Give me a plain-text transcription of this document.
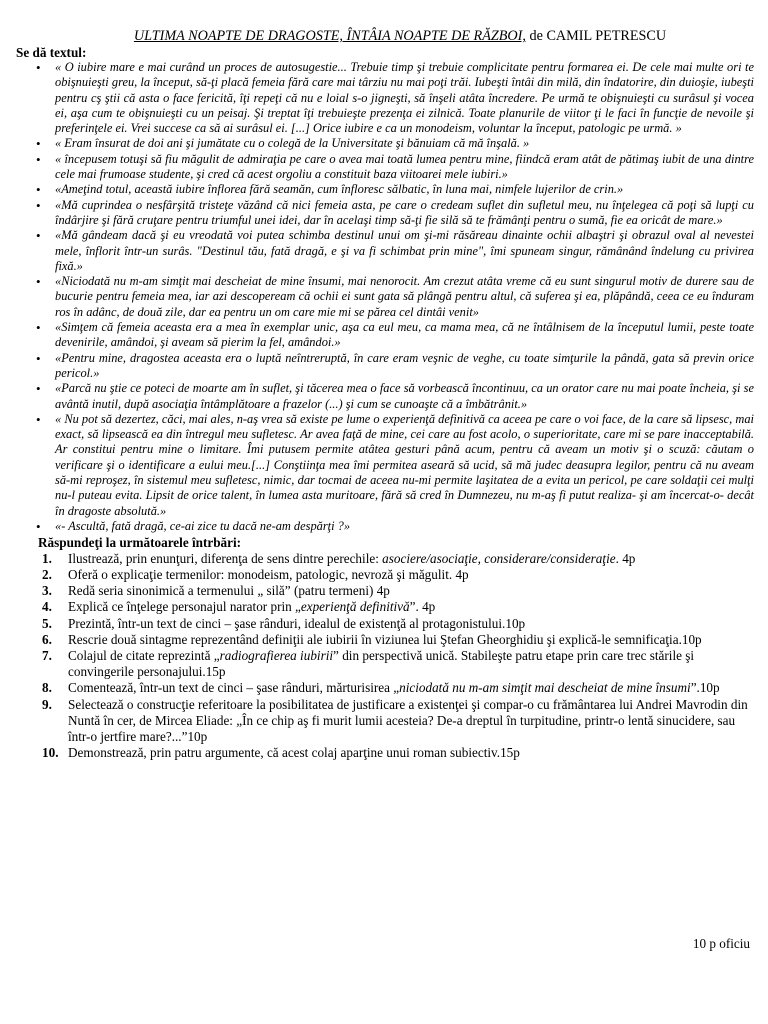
ULTIMA NOAPTE DE DRAGOSTE, ÎNTÂIA NOAPTE DE RĂZBOI, de CAMIL PETRESCU
Se dă textul:
• « O iubire mare e mai curând un proces de autosugestie... Trebuie timp şi trebuie complicitate pentru formarea ei. De cele mai multe ori te obişnuieşti greu, la început, să-ţi placă femeia fără care mai târziu nu mai poţi trăi. Iubeşti întâi din milă, din îndatorire, din duioşie, iubeşti pentru cş ştii că asta o face fericită, îţi repeţi că nu e loial s-o jigneşti, să înşeli atâta încredere. Pe urmă te obişnuieşti cu surâsul şi vocea ei, aşa cum te obişnuieşti cu un peisaj. Şi treptat îţi trebuieşte prezenţa ei zilnică. Toate planurile de viitor ţi le faci în funcţie de nevoile şi preferinţele ei. Vrei succese ca să ai surâsul ei. [...] Orice iubire e ca un monodeism, voluntar la început, patologic pe urmă. »
• « Eram însurat de doi ani şi jumătate cu o colegă de la Universitate şi bănuiam că mă înşală. »
• « începusem totuşi să fiu măgulit de admiraţia pe care o avea mai toată lumea pentru mine, fiindcă eram atât de pătimaş iubit de una dintre cele mai frumoase studente, şi cred că acest orgoliu a constituit baza viitoarei mele iubiri.»
• «Ameţind totul, această iubire înflorea fără seamăn, cum înfloresc sălbatic, în luna mai, nimfele lujerilor de crin.»
• «Mă cuprindea o nesfârşită tristeţe văzând că nici femeia asta, pe care o credeam suflet din sufletul meu, nu înţelegea că poţi să lupţi cu îndârjire şi fără cruţare pentru triumful unei idei, dar în acelaşi timp să-ţi fie silă să te frămânţi pentru o sumă, fie ea oricât de mare.»
• «Mă gândeam dacă şi eu vreodată voi putea schimba destinul unui om şi-mi răsăreau dinainte ochii albaştri şi obrazul oval al nevestei mele, înflorit într-un surâs. "Destinul tău, fată dragă, e şi va fi schimbat prin mine", îmi spuneam singur, rămânând îndelung cu privirea fixă.»
• «Niciodată nu m-am simţit mai descheiat de mine însumi, mai nenorocit. Am crezut atâta vreme că eu sunt singurul motiv de durere sau de bucurie pentru femeia mea, iar azi descopeream că ochii ei sunt gata să plângă pentru altul, că suferea şi ea, plăpândă, ceea ce eu înduram ros în adânc, de două zile, dar ea pentru un om care mie mi se părea cel dintâi venit»
• «Simţem că femeia aceasta era a mea în exemplar unic, aşa ca eul meu, ca mama mea, că ne întâlnisem de la începutul lumii, peste toate devenirile, amândoi, şi aveam să pierim la fel, amândoi.»
• «Pentru mine, dragostea aceasta era o luptă neîntreruptă, în care eram veşnic de veghe, cu toate simţurile la pândă, gata să previn orice pericol.»
• «Parcă nu ştie ce poteci de moarte am în suflet, şi tăcerea mea o face să vorbească încontinuu, ca un orator care nu mai poate încheia, şi se avântă inutil, după asociaţia întâmplătoare a frazelor (...) şi cum se cunoaşte că a îmbătrânit.»
• « Nu pot să dezertez, căci, mai ales, n-aş vrea să existe pe lume o experienţă definitivă ca aceea pe care o voi face, de la care să lipsesc, mai exact, să lipsească ea din întregul meu sufletesc. Ar avea faţă de mine, cei care au fost acolo, o superioritate, care mi se pare inacceptabilă. Ar constitui pentru mine o limitare. Îmi putusem permite atâtea gesturi până acum, pentru că aveam un motiv şi o scuză: căutam o verificare şi o identificare a eului meu.[...] Conştiinţa mea îmi permitea aseară să ucid, să mă judec deasupra legilor, pentru că nu aveam să-mi reproşez, în sistemul meu sufletesc, nimic, dar tocmai de aceea nu-mi permite laşitatea de a evita un pericol, pe care soldaţii cei mulţi nu-l puteau evita. Lipsit de orice talent, în lumea asta muritoare, fără să cred în Dumnezeu, nu m-aş fi putut realiza- şi am încercat-o- decât în dragoste absolută.»
• «- Ascultă, fată dragă, ce-ai zice tu dacă ne-am despărţi ?»
Răspundeţi la următoarele întrbări:
1. Ilustrează, prin enunţuri, diferenţa de sens dintre perechile: asociere/asociaţie, considerare/consideraţie. 4p
2. Oferă o explicaţie termenilor: monodeism, patologic, nevroză şi măgulit. 4p
3. Redă seria sinonimică a termenului „ silă” (patru termeni) 4p
4. Explică ce înţelege personajul narator prin „experienţă definitivă”. 4p
5. Prezintă, într-un text de cinci – şase rânduri, idealul de existenţă al protagonistului.10p
6. Rescrie două sintagme reprezentând definiţii ale iubirii în viziunea lui Ştefan Gheorghidiu şi explică-le semnificaţia.10p
7. Colajul de citate reprezintă „radiografierea iubirii” din perspectivă unică. Stabileşte patru etape prin care trec stările şi convingerile personajului.15p
8. Comentează, într-un text de cinci – şase rânduri, mărturisirea „niciodată nu m-am simţit mai descheiat de mine însumi”.10p
9. Selectează o construcţie referitoare la posibilitatea de justificare a existenţei şi compar-o cu frământarea lui Andrei Mavrodin din Nuntă în cer, de Mircea Eliade: „În ce chip aş fi murit lumii acesteia? De-a dreptul în turpitudine, printr-o lentă sinucidere, sau într-o jertfire mare?...”10p
10. Demonstrează, prin patru argumente, că acest colaj aparţine unui roman subiectiv.15p
10 p oficiu
